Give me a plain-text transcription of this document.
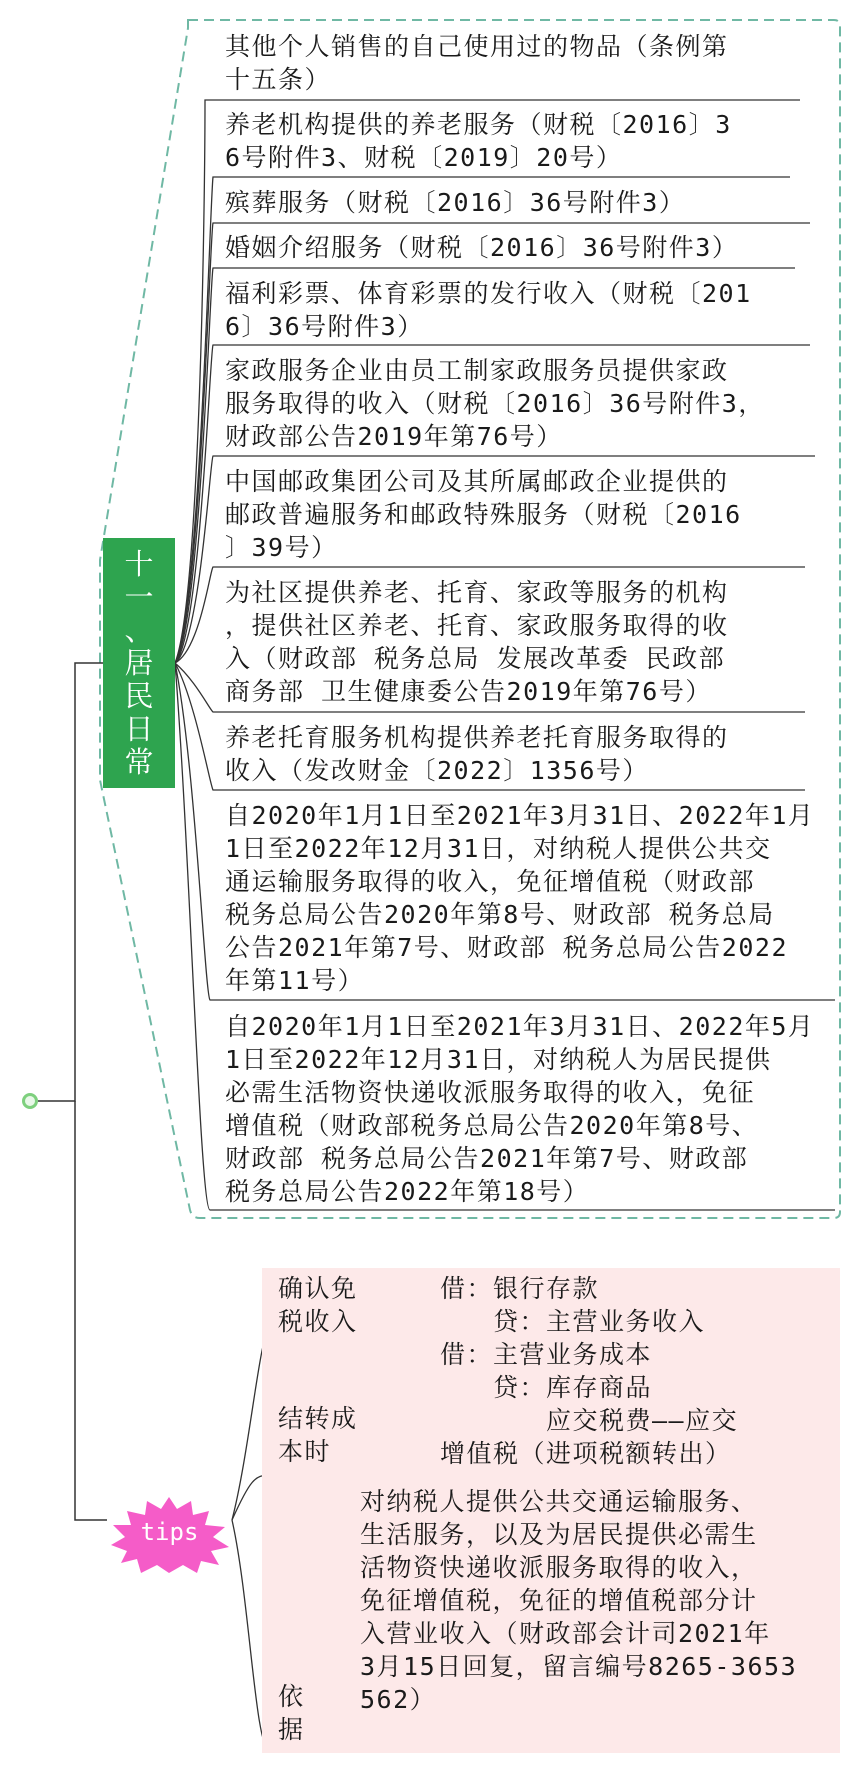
其他个人销售的自己使用过的物品（条例第
十五条）
养老机构提供的养老服务（财税〔2016〕3
6号附件3、财税〔2019〕20号）
殡葬服务（财税〔2016〕36号附件3）
婚姻介绍服务（财税〔2016〕36号附件3）
福利彩票、体育彩票的发行收入（财税〔201
6〕36号附件3）
家政服务企业由员工制家政服务员提供家政
服务取得的收入（财税〔2016〕36号附件3，
财政部公告2019年第76号）
中国邮政集团公司及其所属邮政企业提供的
邮政普遍服务和邮政特殊服务（财税〔2016
〕39号）
为社区提供养老、托育、家政等服务的机构
，提供社区养老、托育、家政服务取得的收
入（财政部 税务总局 发展改革委 民政部
商务部 卫生健康委公告2019年第76号）
养老托育服务机构提供养老托育服务取得的
收入（发改财金〔2022〕1356号）
自2020年1月1日至2021年3月31日、2022年1月
1日至2022年12月31日，对纳税人提供公共交
通运输服务取得的收入，免征增值税（财政部
税务总局公告2020年第8号、财政部 税务总局
公告2021年第7号、财政部 税务总局公告2022
年第11号）
自2020年1月1日至2021年3月31日、2022年5月
1日至2022年12月31日，对纳税人为居民提供
必需生活物资快递收派服务取得的收入，免征
增值税（财政部税务总局公告2020年第8号、
财政部 税务总局公告2021年第7号、财政部
税务总局公告2022年第18号）
十
一
、
居
民
日
常
确认免
税收入
借：银行存款
　　贷：主营业务收入
结转成
本时
借：主营业务成本
　　贷：库存商品
　　　　应交税费——应交
增值税（进项税额转出）
依
据
对纳税人提供公共交通运输服务、
生活服务，以及为居民提供必需生
活物资快递收派服务取得的收入，
免征增值税，免征的增值税部分计
入营业收入（财政部会计司2021年
3月15日回复，留言编号8265-3653
562）
tips
